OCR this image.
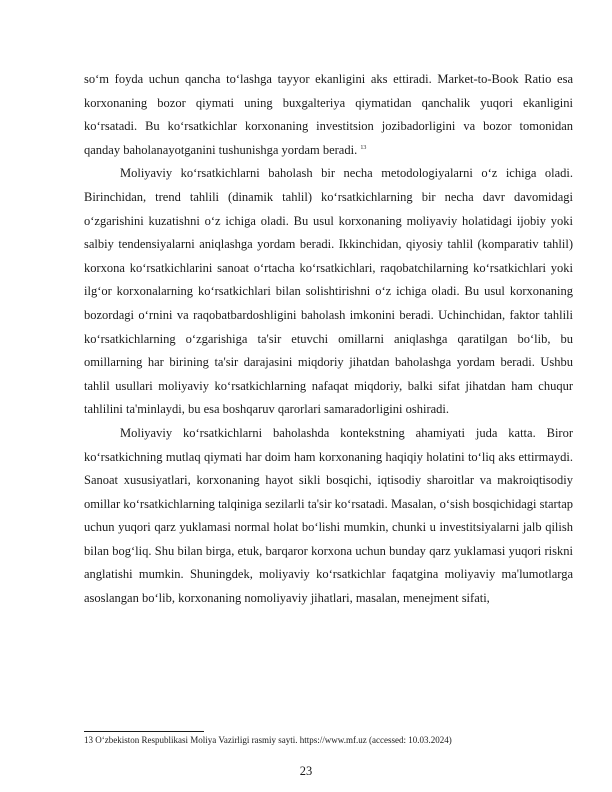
so‘m foyda uchun qancha to‘lashga tayyor ekanligini aks ettiradi. Market-to-Book Ratio esa korxonaning bozor qiymati uning buxgalteriya qiymatidan qanchalik yuqori ekanligini ko‘rsatadi. Bu ko‘rsatkichlar korxonaning investitsion jozibadorligini va bozor tomonidan qanday baholanayotganini tushunishga yordam beradi. $^{13}$

Moliyaviy ko‘rsatkichlarni baholash bir necha metodologiyalarni o‘z ichiga oladi. Birinchidan, trend tahlili (dinamik tahlil) ko‘rsatkichlarning bir necha davr davomidagi o‘zgarishini kuzatishni o‘z ichiga oladi. Bu usul korxonaning moliyaviy holatidagi ijobiy yoki salbiy tendensiyalarni aniqlashga yordam beradi. Ikkinchidan, qiyosiy tahlil (komparativ tahlil) korxona ko‘rsatkichlarini sanoat o‘rtacha ko‘rsatkichlari, raqobatchilarning ko‘rsatkichlari yoki ilg‘or korxonalarning ko‘rsatkichlari bilan solishtirishni o‘z ichiga oladi. Bu usul korxonaning bozordagi o‘rnini va raqobatbardoshligini baholash imkonini beradi. Uchinchidan, faktor tahlili ko‘rsatkichlarning o‘zgarishiga ta'sir etuvchi omillarni aniqlashga qaratilgan bo‘lib, bu omillarning har birining ta'sir darajasini miqdoriy jihatdan baholashga yordam beradi. Ushbu tahlil usullari moliyaviy ko‘rsatkichlarning nafaqat miqdoriy, balki sifat jihatdan ham chuqur tahlilini ta'minlaydi, bu esa boshqaruv qarorlari samaradorligini oshiradi.

Moliyaviy ko‘rsatkichlarni baholashda kontekstning ahamiyati juda katta. Biror ko‘rsatkichning mutlaq qiymati har doim ham korxonaning haqiqiy holatini to‘liq aks ettirmaydi. Sanoat xususiyatlari, korxonaning hayot sikli bosqichi, iqtisodiy sharoitlar va makroiqtisodiy omillar ko‘rsatkichlarning talqiniga sezilarli ta'sir ko‘rsatadi. Masalan, o‘sish bosqichidagi startap uchun yuqori qarz yuklamasi normal holat bo‘lishi mumkin, chunki u investitsiyalarni jalb qilish bilan bog‘liq. Shu bilan birga, etuk, barqaror korxona uchun bunday qarz yuklamasi yuqori riskni anglatishi mumkin. Shuningdek, moliyaviy ko‘rsatkichlar faqatgina moliyaviy ma'lumotlarga asoslangan bo‘lib, korxonaning nomoliyaviy jihatlari, masalan, menejment sifati,

13 O‘zbekiston Respublikasi Moliya Vazirligi rasmiy sayti. https://www.mf.uz (accessed: 10.03.2024)

23
